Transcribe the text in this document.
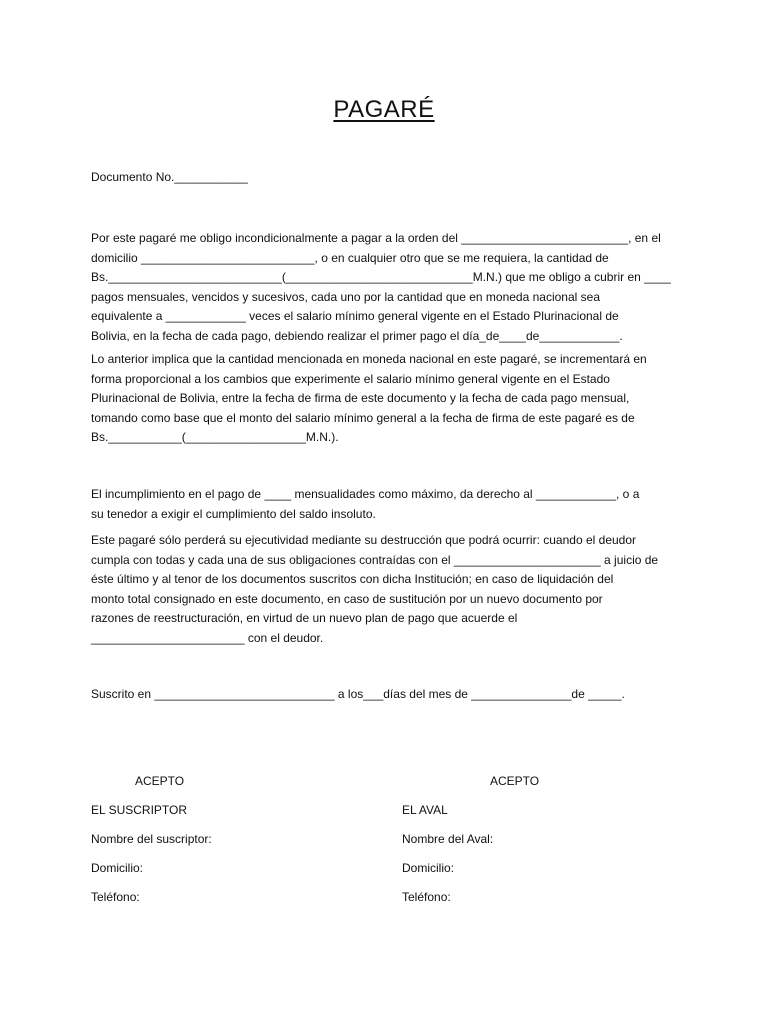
PAGARÉ
Documento No.___________
Por este pagaré me obligo incondicionalmente a pagar a la orden del _________________________, en el
domicilio __________________________, o en cualquier otro que se me requiera, la cantidad de
Bs.__________________________(____________________________M.N.) que me obligo a cubrir en ____
pagos mensuales, vencidos y sucesivos, cada uno por la cantidad que en moneda nacional sea
equivalente a ____________ veces el salario mínimo general vigente en el Estado Plurinacional de
Bolivia, en la fecha de cada pago, debiendo realizar el primer pago el día_de____de____________.
Lo anterior implica que la cantidad mencionada en moneda nacional en este pagaré, se incrementará en
forma proporcional a los cambios que experimente el salario mínimo general vigente en el Estado
Plurinacional de Bolivia, entre la fecha de firma de este documento y la fecha de cada pago mensual,
tomando como base que el monto del salario mínimo general a la fecha de firma de este pagaré es de
Bs.___________(__________________M.N.).
El incumplimiento en el pago de ____ mensualidades como máximo, da derecho al ____________, o a
su tenedor a exigir el cumplimiento del saldo insoluto.
Este pagaré sólo perderá su ejecutividad mediante su destrucción que podrá ocurrir: cuando el deudor
cumpla con todas y cada una de sus obligaciones contraídas con el ______________________ a juicio de
éste último y al tenor de los documentos suscritos con dicha Institución; en caso de liquidación del
monto total consignado en este documento, en caso de sustitución por un nuevo documento por
razones de reestructuración, en virtud de un nuevo plan de pago que acuerde el
_______________________ con el deudor.
Suscrito en ___________________________ a los___días del mes de _______________de _____.
ACEPTO
EL SUSCRIPTOR
Nombre del suscriptor:
Domicilio:
Teléfono:
ACEPTO
EL AVAL
Nombre del Aval:
Domicilio:
Teléfono:
